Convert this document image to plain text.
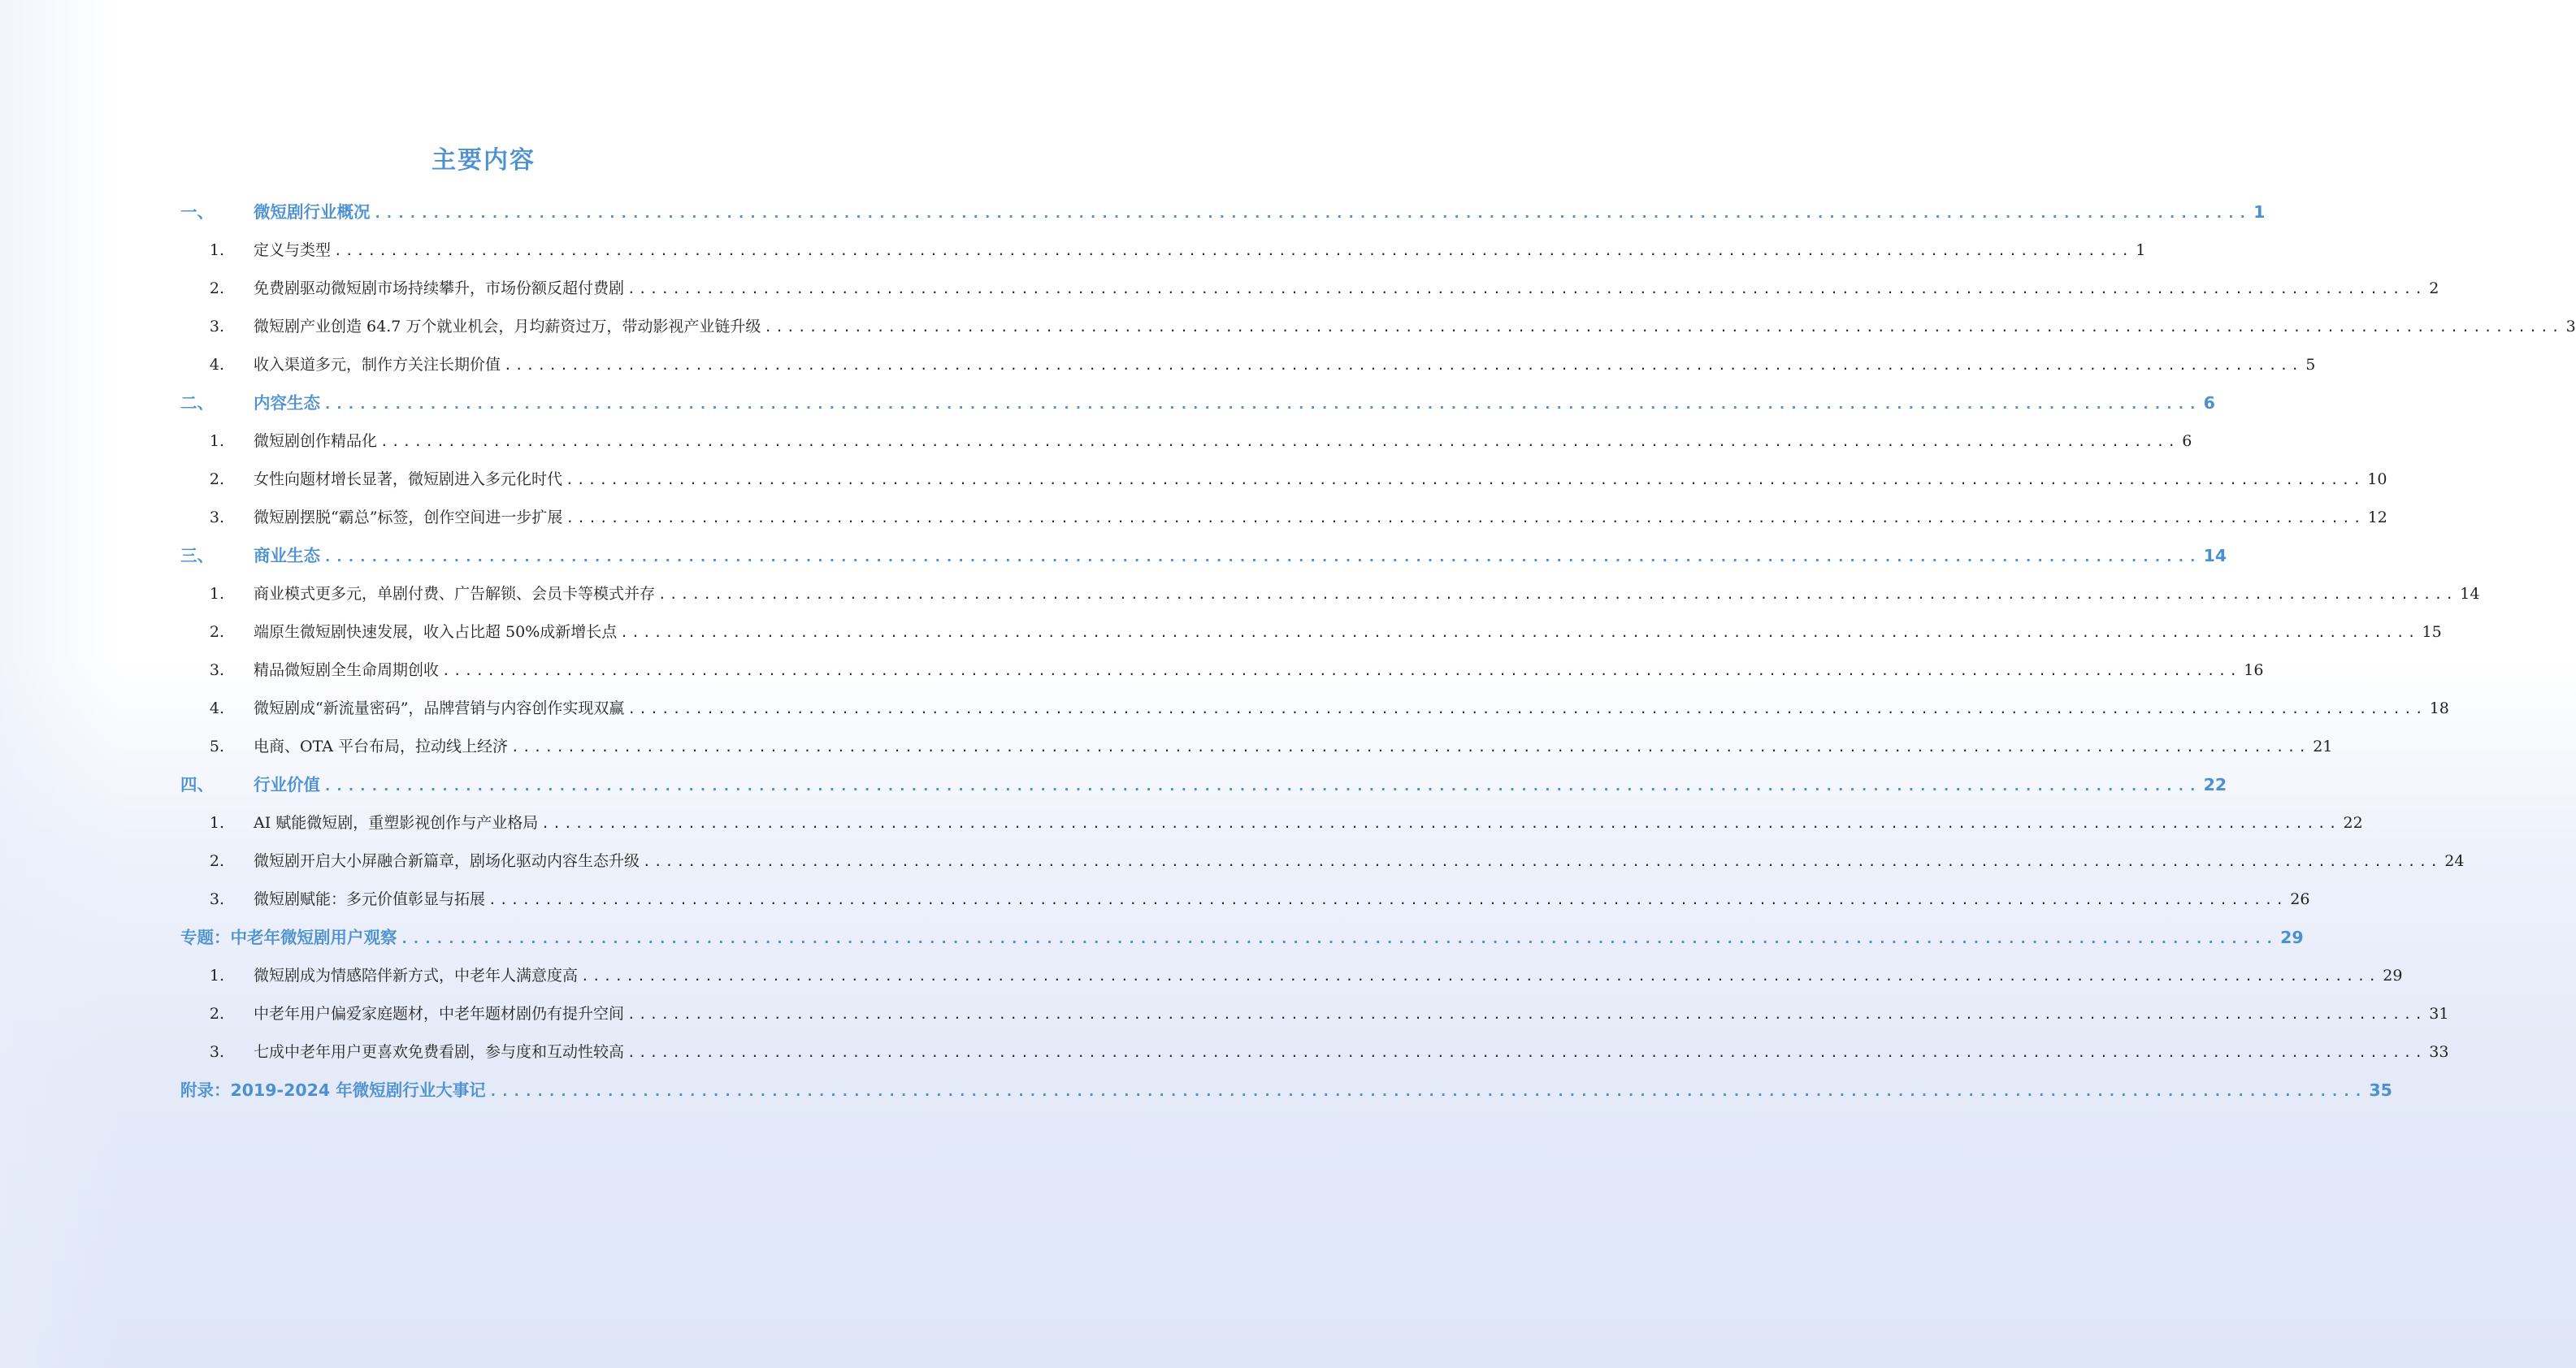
主要内容
一、	微短剧行业概况 ................................................................................................................................................................ 1
1.	定义与类型 ................................................................................................................................................................ 1
2.	免费剧驱动微短剧市场持续攀升，市场份额反超付费剧 ................................................................................................................................................................ 2
3.	微短剧产业创造 64.7 万个就业机会，月均薪资过万，带动影视产业链升级 ................................................................................................................................................................ 3
4.	收入渠道多元，制作方关注长期价值 ................................................................................................................................................................ 5
二、	内容生态 ................................................................................................................................................................ 6
1.	微短剧创作精品化 ................................................................................................................................................................ 6
2.	女性向题材增长显著，微短剧进入多元化时代 ................................................................................................................................................................ 10
3.	微短剧摆脱“霸总”标签，创作空间进一步扩展 ................................................................................................................................................................ 12
三、	商业生态 ................................................................................................................................................................ 14
1.	商业模式更多元，单剧付费、广告解锁、会员卡等模式并存 ................................................................................................................................................................ 14
2.	端原生微短剧快速发展，收入占比超 50%成新增长点 ................................................................................................................................................................ 15
3.	精品微短剧全生命周期创收 ................................................................................................................................................................ 16
4.	微短剧成“新流量密码”，品牌营销与内容创作实现双赢 ................................................................................................................................................................ 18
5.	电商、OTA 平台布局，拉动线上经济 ................................................................................................................................................................ 21
四、	行业价值 ................................................................................................................................................................ 22
1.	AI 赋能微短剧，重塑影视创作与产业格局 ................................................................................................................................................................ 22
2.	微短剧开启大小屏融合新篇章，剧场化驱动内容生态升级 ................................................................................................................................................................ 24
3.	微短剧赋能：多元价值彰显与拓展 ................................................................................................................................................................ 26
专题：中老年微短剧用户观察 ................................................................................................................................................................ 29
1.	微短剧成为情感陪伴新方式，中老年人满意度高 ................................................................................................................................................................ 29
2.	中老年用户偏爱家庭题材，中老年题材剧仍有提升空间 ................................................................................................................................................................ 31
3.	七成中老年用户更喜欢免费看剧，参与度和互动性较高 ................................................................................................................................................................ 33
附录：2019-2024 年微短剧行业大事记 ................................................................................................................................................................ 35
